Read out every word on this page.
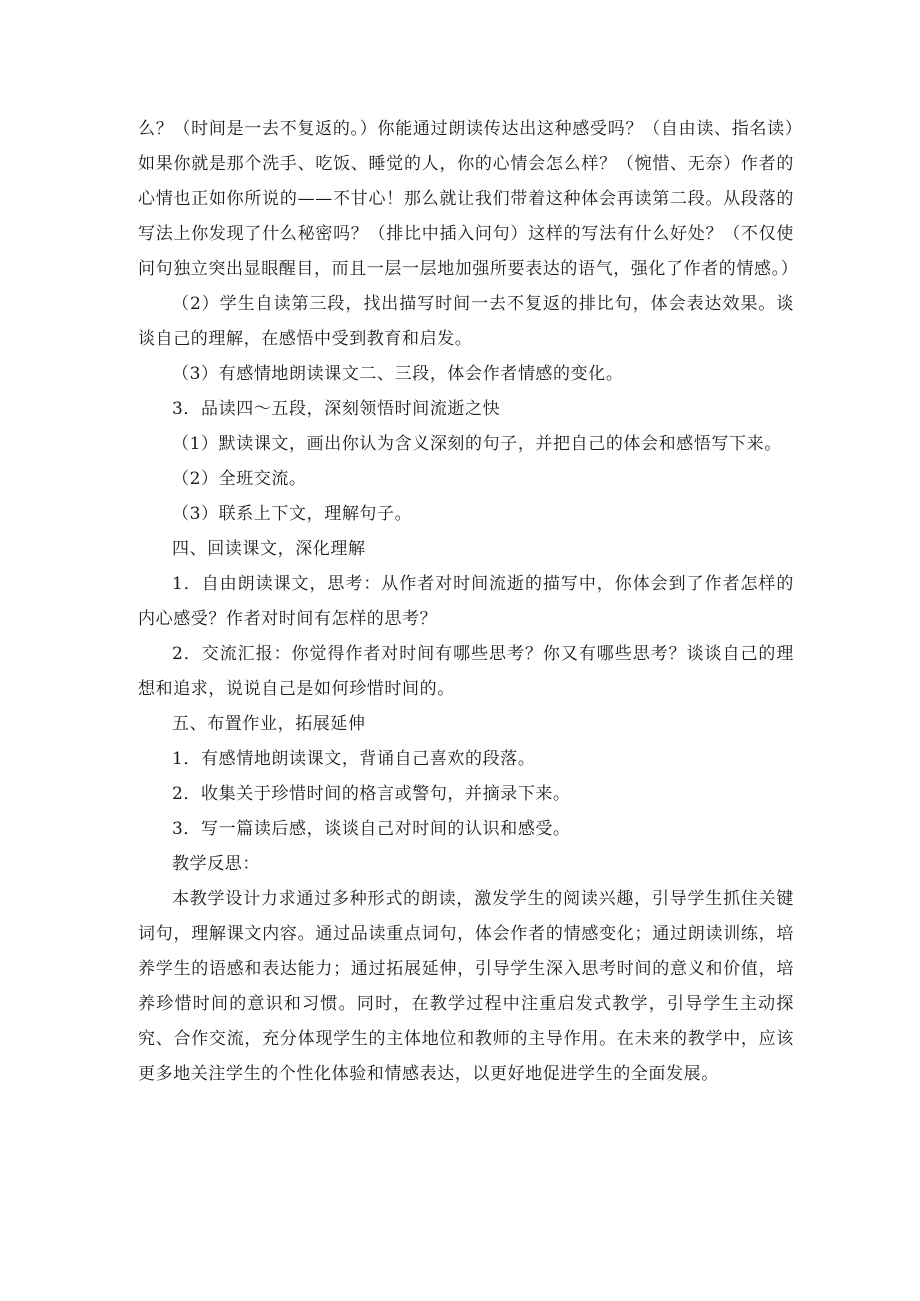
么？（时间是一去不复返的。）你能通过朗读传达出这种感受吗？（自由读、指名读）如果你就是那个洗手、吃饭、睡觉的人，你的心情会怎么样？（惋惜、无奈）作者的心情也正如你所说的——不甘心！那么就让我们带着这种体会再读第二段。从段落的写法上你发现了什么秘密吗？（排比中插入问句）这样的写法有什么好处？（不仅使问句独立突出显眼醒目，而且一层一层地加强所要表达的语气，强化了作者的情感。）

（2）学生自读第三段，找出描写时间一去不复返的排比句，体会表达效果。谈谈自己的理解，在感悟中受到教育和启发。

（3）有感情地朗读课文二、三段，体会作者情感的变化。

3．品读四～五段，深刻领悟时间流逝之快

（1）默读课文，画出你认为含义深刻的句子，并把自己的体会和感悟写下来。

（2）全班交流。

（3）联系上下文，理解句子。

四、回读课文，深化理解

1．自由朗读课文，思考：从作者对时间流逝的描写中，你体会到了作者怎样的内心感受？作者对时间有怎样的思考？

2．交流汇报：你觉得作者对时间有哪些思考？你又有哪些思考？谈谈自己的理想和追求，说说自己是如何珍惜时间的。

五、布置作业，拓展延伸

1．有感情地朗读课文，背诵自己喜欢的段落。

2．收集关于珍惜时间的格言或警句，并摘录下来。

3．写一篇读后感，谈谈自己对时间的认识和感受。

教学反思：

本教学设计力求通过多种形式的朗读，激发学生的阅读兴趣，引导学生抓住关键词句，理解课文内容。通过品读重点词句，体会作者的情感变化；通过朗读训练，培养学生的语感和表达能力；通过拓展延伸，引导学生深入思考时间的意义和价值，培养珍惜时间的意识和习惯。同时，在教学过程中注重启发式教学，引导学生主动探究、合作交流，充分体现学生的主体地位和教师的主导作用。在未来的教学中，应该更多地关注学生的个性化体验和情感表达，以更好地促进学生的全面发展。
